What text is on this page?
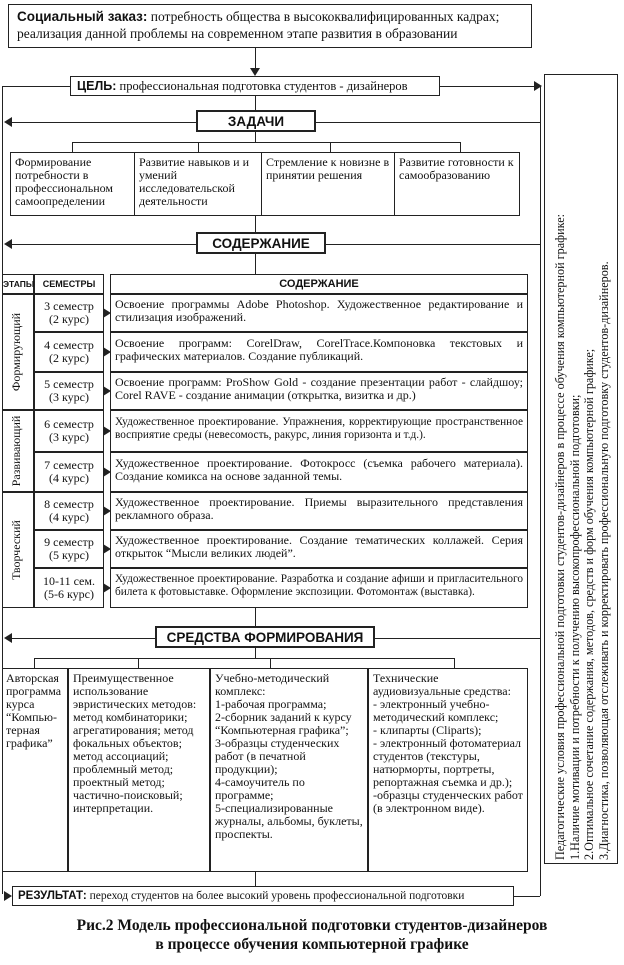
Социальный заказ: потребность общества в высококвалифицированных кадрах; реализация данной проблемы на современном этапе развития в образовании
ЦЕЛЬ: профессиональная подготовка студентов - дизайнеров
ЗАДАЧИ
Формирование потребности в профессиональном самоопределении
Развитие навыков и и умений исследовательской деятельности
Стремление к новизне в принятии решения
Развитие готовности к самообразованию
СОДЕРЖАНИЕ
ЭТАПЫ СЕМЕСТРЫ	СОДЕРЖАНИЕ
Формирующий
Развивающий
Творческий
3 семестр
(2 курс)
4 семестр
(2 курс)
5 семестр
(3 курс)
6 семестр
(3 курс)
7 семестр
(4 курс)
8 семестр
(4 курс)
9 семестр
(5 курс)
10-11 сем.
(5-6 курс)
Освоение программы Adobe Photoshop. Художественное редактирование и стилизация изображений.
Освоение программ: CorelDraw, CorelTrace.Компоновка текстовых и графических материалов. Создание публикаций.
Освоение программ: ProShow Gold - создание презентации работ - слайдшоу; Corel RAVE - создание анимации (открытка, визитка и др.)
Художественное проектирование. Упражнения, корректирующие пространственное восприятие среды (невесомость, ракурс, линия горизонта и т.д.).
Художественное проектирование. Фотокросс (съемка рабочего материала). Создание комикса на основе заданной темы.
Художественное проектирование. Приемы выразительного представления рекламного образа.
Художественное проектирование. Создание тематических коллажей. Серия открыток “Мысли великих людей”.
Художественное проектирование. Разработка и создание афиши и пригласительного билета к фотовыставке. Оформление экспозиции. Фотомонтаж (выставка).
СРЕДСТВА ФОРМИРОВАНИЯ
Авторская программа курса “Компью-терная графика”
Преимущественное использование эвристических методов: метод комбинаторики; агрегатирования; метод фокальных объектов; метод ассоциаций; проблемный метод; проектный метод; частично-поисковый; интерпретации.
Учебно-методический комплекс:
1-рабочая программа;
2-сборник заданий к курсу “Компьютерная графика”;
3-образцы студенческих работ (в печатной продукции);
4-самоучитель по программе;
5-специализированные журналы, альбомы, буклеты, проспекты.
Технические аудиовизуальные средства:
- электронный учебно-методический комплекс;
- клипарты (Cliparts);
- электронный фотоматериал студентов (текстуры, натюрморты, портреты, репортажная съемка и др.);
-образцы студенческих работ (в электронном виде).
РЕЗУЛЬТАТ: переход студентов на более высокий уровень профессиональной подготовки
Педагогические условия профессиональной подготовки студентов-дизайнеров в процессе обучения компьютерной графике:
1.Наличие мотивации и потребности к получению высокопрофессиональной подготовки;
2.Оптимальное сочетание содержания, методов, средств и форм обучения компьютерной графике;
3.Диагностика, позволяющая отслеживать и корректировать профессиональную подготовку студентов-дизайнеров.
Рис.2 Модель профессиональной подготовки студентов-дизайнеров
в процессе обучения компьютерной графике
